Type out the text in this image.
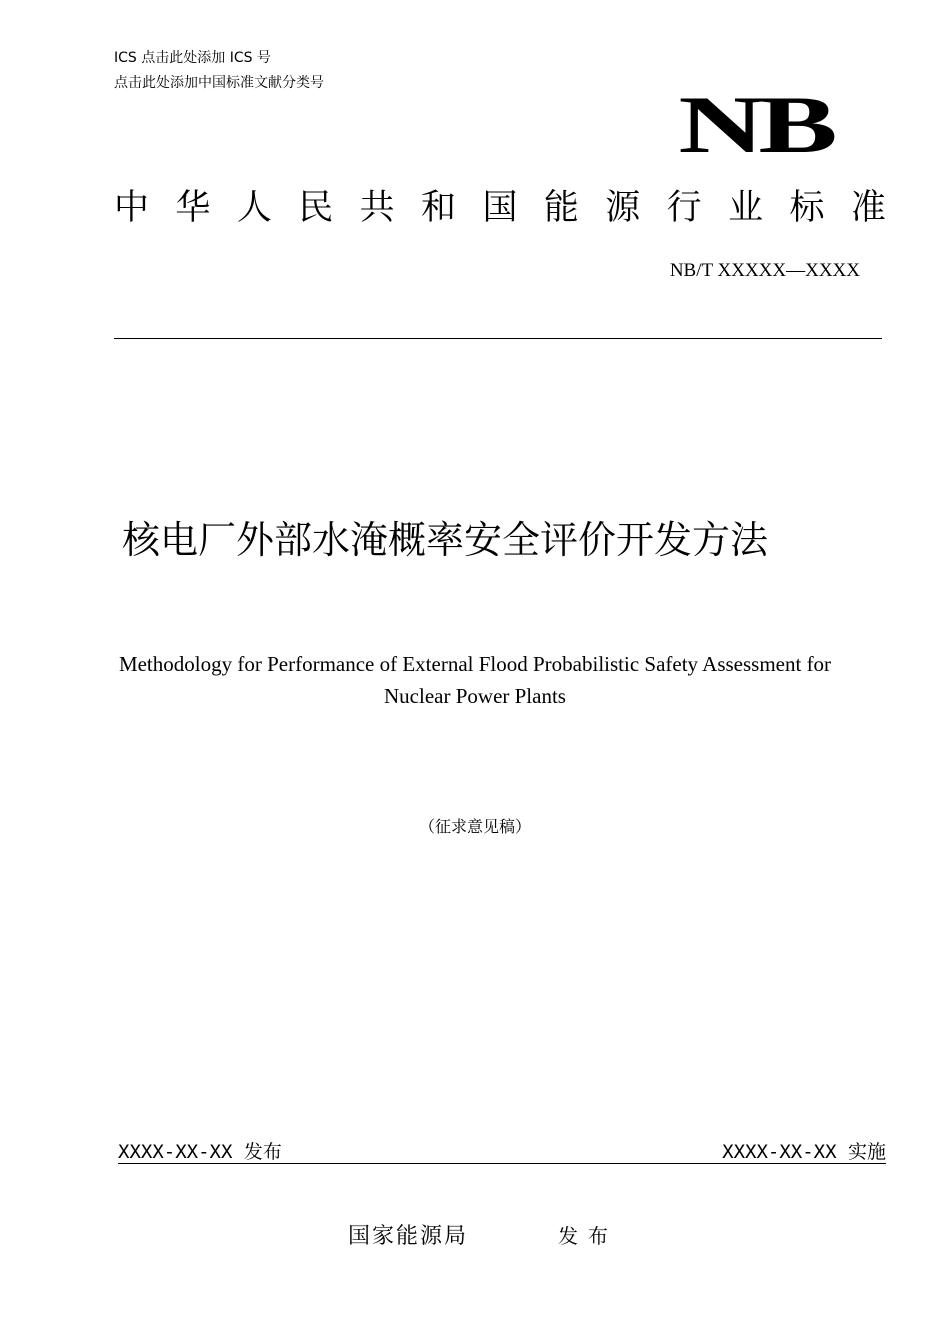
ICS 点击此处添加 ICS 号
点击此处添加中国标准文献分类号	NB
中 华 人 民 共 和 国 能 源 行 业 标 准
NB/T XXXXX—XXXX
核电厂外部水淹概率安全评价开发方法
Methodology for Performance of External Flood Probabilistic Safety Assessment for
Nuclear Power Plants
（征求意见稿）
XXXX-XX-XX 发布	XXXX-XX-XX 实施
国家能源局	发布
